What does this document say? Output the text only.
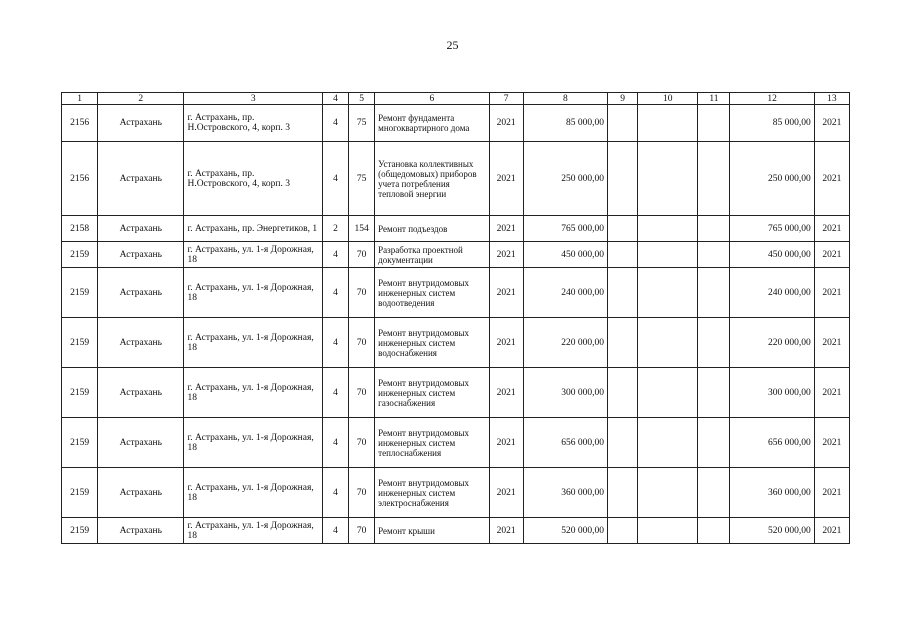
25
1	2	3	4	5	6	7	8	9	10	11	12	13
2156	Астрахань	г. Астрахань, пр. Н.Островского, 4, корп. 3	4	75	Ремонт фундамента многоквартирного дома	2021	85 000,00				85 000,00	2021
2156	Астрахань	г. Астрахань, пр. Н.Островского, 4, корп. 3	4	75	Установка коллективных (общедомовых) приборов учета потребления тепловой энергии	2021	250 000,00				250 000,00	2021
2158	Астрахань	г. Астрахань, пр. Энергетиков, 1	2	154	Ремонт подъездов	2021	765 000,00				765 000,00	2021
2159	Астрахань	г. Астрахань, ул. 1-я Дорожная, 18	4	70	Разработка проектной документации	2021	450 000,00				450 000,00	2021
2159	Астрахань	г. Астрахань, ул. 1-я Дорожная, 18	4	70	Ремонт внутридомовых инженерных систем водоотведения	2021	240 000,00				240 000,00	2021
2159	Астрахань	г. Астрахань, ул. 1-я Дорожная, 18	4	70	Ремонт внутридомовых инженерных систем водоснабжения	2021	220 000,00				220 000,00	2021
2159	Астрахань	г. Астрахань, ул. 1-я Дорожная, 18	4	70	Ремонт внутридомовых инженерных систем газоснабжения	2021	300 000,00				300 000,00	2021
2159	Астрахань	г. Астрахань, ул. 1-я Дорожная, 18	4	70	Ремонт внутридомовых инженерных систем теплоснабжения	2021	656 000,00				656 000,00	2021
2159	Астрахань	г. Астрахань, ул. 1-я Дорожная, 18	4	70	Ремонт внутридомовых инженерных систем электроснабжения	2021	360 000,00				360 000,00	2021
2159	Астрахань	г. Астрахань, ул. 1-я Дорожная, 18	4	70	Ремонт крыши	2021	520 000,00				520 000,00	2021
